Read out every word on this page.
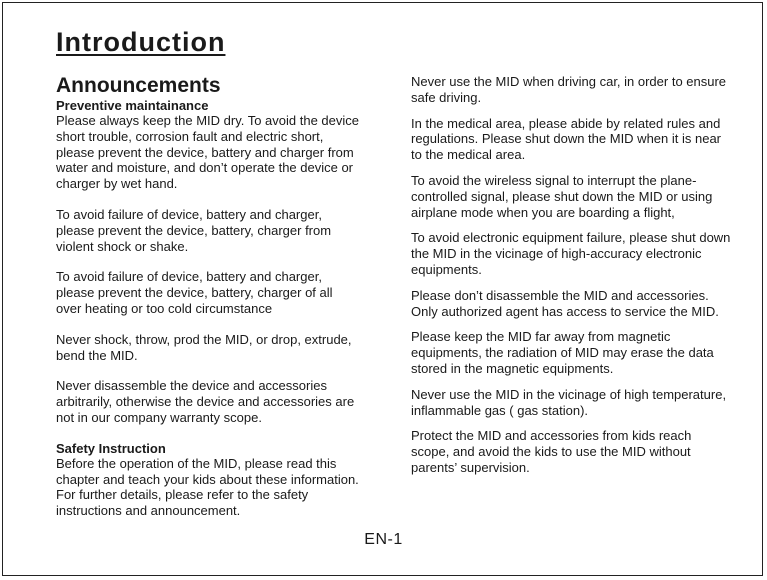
Introduction
Announcements
Preventive maintainance

Please always keep the MID dry. To avoid the device short trouble, corrosion fault and electric short, please prevent the device, battery and charger from water and moisture, and don’t operate the device or charger by wet hand.

To avoid failure of device, battery and charger, please prevent the device, battery, charger from violent shock or shake.

To avoid failure of device, battery and charger, please prevent the device, battery, charger of all over heating or too cold circumstance

Never shock, throw, prod the MID, or drop, extrude, bend the MID.

Never disassemble the device and accessories arbitrarily, otherwise the device and accessories are not in our company warranty scope.

Safety Instruction

Before the operation of the MID, please read this chapter and teach your kids about these information. For further details, please refer to the safety instructions and announcement.

Never use the MID when driving car, in order to ensure safe driving.

In the medical area, please abide by related rules and regulations. Please shut down the MID when it is near to the medical area.

To avoid the wireless signal to interrupt the plane-controlled signal, please shut down the MID or using airplane mode when you are boarding a flight,

To avoid electronic equipment failure, please shut down the MID in the vicinage of high-accuracy electronic equipments.

Please don’t disassemble the MID and accessories. Only authorized agent has access to service the MID.

Please keep the MID far away from magnetic equipments, the radiation of MID may erase the data stored in the magnetic equipments.

Never use the MID in the vicinage of high temperature, inflammable gas ( gas station).

Protect the MID and accessories from kids reach scope, and avoid the kids to use the MID without parents’ supervision.

EN-1
